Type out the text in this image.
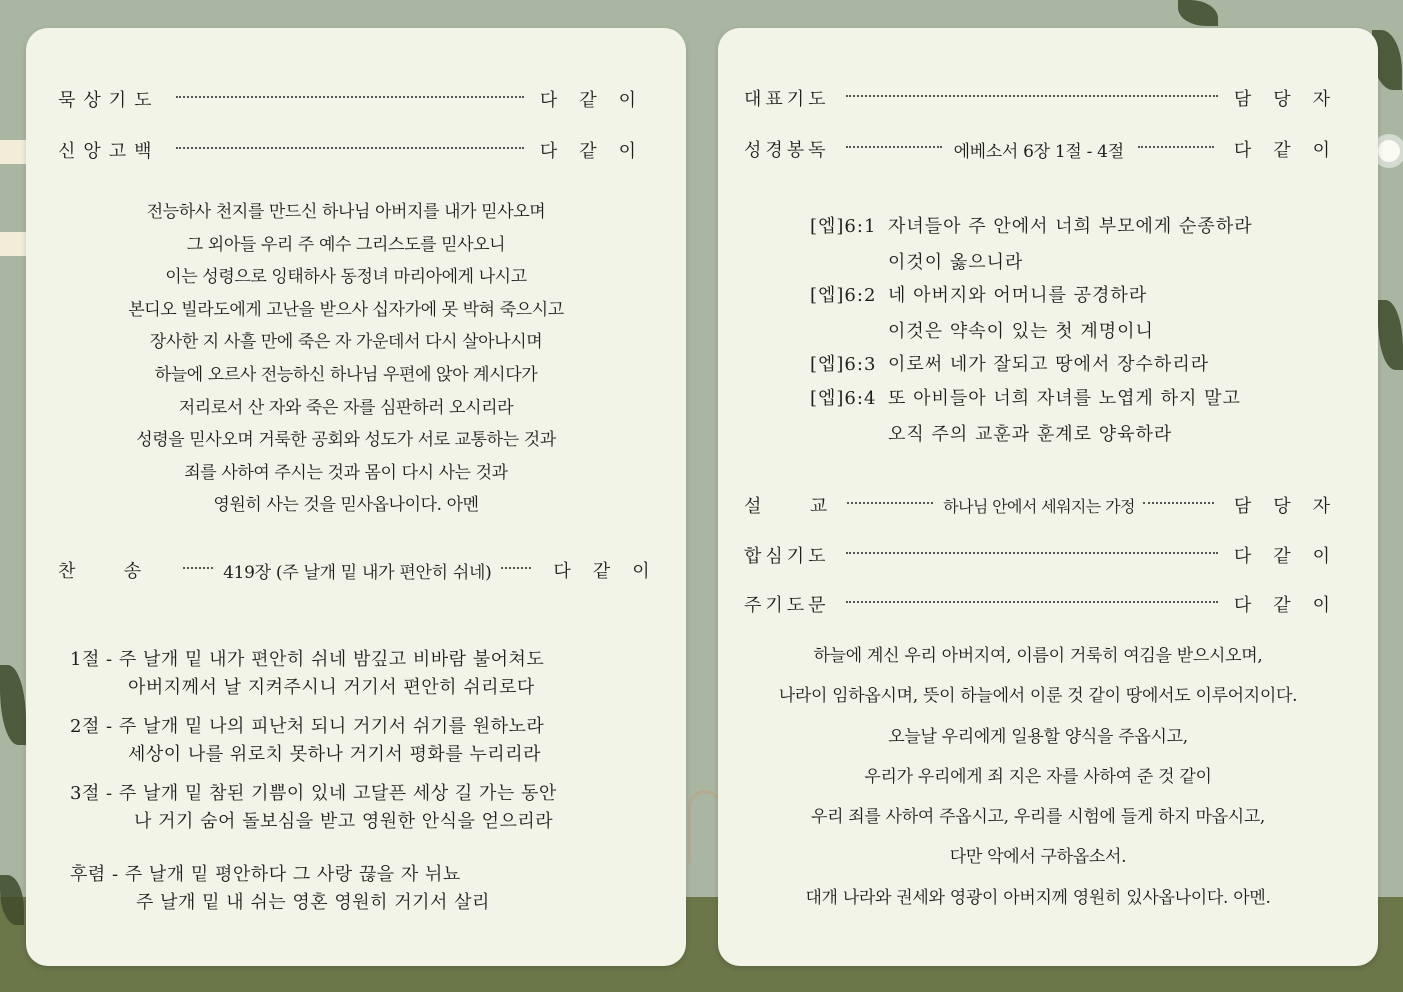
묵상기도	다같이
신앙고백	다같이
전능하사 천지를 만드신 하나님 아버지를 내가 믿사오며
그 외아들 우리 주 예수 그리스도를 믿사오니
이는 성령으로 잉태하사 동정녀 마리아에게 나시고
본디오 빌라도에게 고난을 받으사 십자가에 못 박혀 죽으시고
장사한 지 사흘 만에 죽은 자 가운데서 다시 살아나시며
하늘에 오르사 전능하신 하나님 우편에 앉아 계시다가
저리로서 산 자와 죽은 자를 심판하러 오시리라
성령을 믿사오며 거룩한 공회와 성도가 서로 교통하는 것과
죄를 사하여 주시는 것과 몸이 다시 사는 것과
영원히 사는 것을 믿사옵나이다. 아멘
찬      송	419장 (주 날개 밑 내가 편안히 쉬네)	다같이
1절 - 주 날개 밑 내가 편안히 쉬네 밤깊고 비바람 불어쳐도
아버지께서 날 지켜주시니 거기서 편안히 쉬리로다
2절 - 주 날개 밑 나의 피난처 되니 거기서 쉬기를 원하노라
세상이 나를 위로치 못하나 거기서 평화를 누리리라
3절 - 주 날개 밑 참된 기쁨이 있네 고달픈 세상 길 가는 동안
나 거기 숨어 돌보심을 받고 영원한 안식을 얻으리라
후렴 - 주 날개 밑 평안하다 그 사랑 끊을 자 뉘뇨
주 날개 밑 내 쉬는 영혼 영원히 거기서 살리
대표기도	담당자
성경봉독	에베소서 6장 1절 - 4절	다같이
[엡]6:1 자녀들아 주 안에서 너희 부모에게 순종하라
이것이 옳으니라
[엡]6:2 네 아버지와 어머니를 공경하라
이것은 약속이 있는 첫 계명이니
[엡]6:3 이로써 네가 잘되고 땅에서 장수하리라
[엡]6:4 또 아비들아 너희 자녀를 노엽게 하지 말고
오직 주의 교훈과 훈계로 양육하라
설      교	하나님 안에서 세워지는 가정	담당자
합심기도	다같이
주기도문	다같이
하늘에 계신 우리 아버지여, 이름이 거룩히 여김을 받으시오며,
나라이 임하옵시며, 뜻이 하늘에서 이룬 것 같이 땅에서도 이루어지이다.
오늘날 우리에게 일용할 양식을 주옵시고,
우리가 우리에게 죄 지은 자를 사하여 준 것 같이
우리 죄를 사하여 주옵시고, 우리를 시험에 들게 하지 마옵시고,
다만 악에서 구하옵소서.
대개 나라와 권세와 영광이 아버지께 영원히 있사옵나이다. 아멘.
